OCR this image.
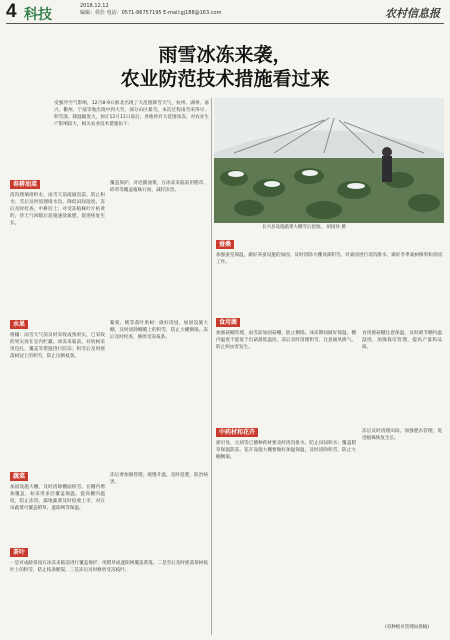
4 科技
2018.12.12
编辑：侯仕 电话：0571-86757195 E-mail:gj188@163.com	农村信息报
雨雪冰冻来袭，
农业防范技术措施看过来
受强冷空气影响，12月8-9日浙北出现了大范围降雪天气，杭州、湖州、嘉兴、衢州、宁波等地出现中到大雪，部分山区暴雪。本次过程雨雪来得早、积雪深、降温幅度大，预计12月11日前后，各地将有大范围冰冻，对农业生产影响较大，相关农业技术措施如下：
长兴县设施蔬菜大棚雪后抢收。 胡国珍 摄
春耕油菜
清沟理墒排积水，雨雪天前疏通沟渠，防止积水；雪后及时清理排水沟，降低田间湿度。冻后及时检查，中耕培土；对受冻植株叶片枯黄的，待天气回暖后追施速效氮肥，促进恢复生长。
覆盖保护。对迟播油菜，在冰冻来临前用稻草、碎草等覆盖植株行间，减轻冻害。
水果
柑橘：雨雪天气前及时采收成熟果实，已采收的果实放在室内贮藏。冰冻来临前，对幼树采用包扎、覆盖等措施进行防冻；积雪后及时摇落树冠上的积雪，防止压断枝条。
葡萄、桃等落叶果树：做好清园，加固设施大棚，及时清除棚膜上的积雪，防止大棚倒塌。冻后及时检查，修剪受冻枝条。
蔬菜
加固设施大棚，及时清除棚面积雪。在棚内增加覆盖，如采用多层覆盖保温。提高棚内温度，防止冻害。露地蔬菜及时抢收上市，对在田蔬菜可覆盖稻草、遮阳网等保温。
冻后要加强管理，缓慢升温，及时追肥，防治病害。
茶叶
一是对成龄茶园在冰冻来临前进行覆盖保护，用稻草或遮阳网覆盖茶蓬。二是雪后及时摇落茶树枝叶上的积雪，防止枝条断裂。三是冻后及时修剪受冻枝叶。
蚕桑
加强蚕室保温，做好养蚕设施的加固，及时清除大棚顶部积雪。对桑园进行清沟排水，做好冬季桑树修剪和清园工作。
食用菌
加强菇棚管理，雨雪前加固菇棚，防止倒塌。冰冻期间做好保温，棚内温度不能低于出菇最低温度。冻后及时清理积雪，注意通风换气，防止病虫害发生。
食用菌菇棚注意保温，及时调节棚内温湿度，加强栽培管理，提高产量和品质。
中药材和花卉
浙贝母、元胡等已播种药材要及时清沟排水，防止田间积水；覆盖稻草保温防冻。花卉设施大棚要做好加温保温，及时清除积雪，防止大棚倒塌。
冻后及时清理田间，加强肥水管理，促进植株恢复生长。
(省种植业管理局供稿)
